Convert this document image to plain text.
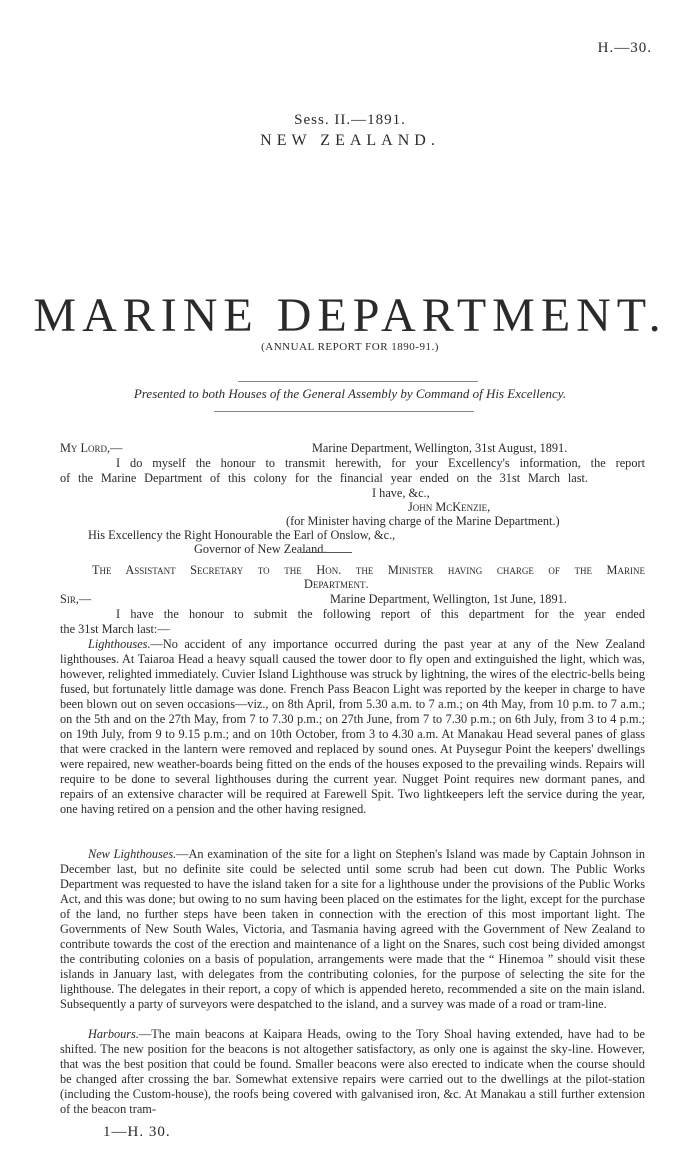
H.—30.
Sess. II.—1891.
NEW ZEALAND.
MARINE DEPARTMENT.
(ANNUAL REPORT FOR 1890-91.)
Presented to both Houses of the General Assembly by Command of His Excellency.
My Lord,—	Marine Department, Wellington, 31st August, 1891.
I do myself the honour to transmit herewith, for your Excellency's information, the report
of the Marine Department of this colony for the financial year ended on the 31st March last.
I have, &c.,
John McKenzie,
(for Minister having charge of the Marine Department.)
His Excellency the Right Honourable the Earl of Onslow, &c.,
Governor of New Zealand.
The Assistant Secretary to the Hon. the Minister having charge of the Marine
Department.
Sir,—	Marine Department, Wellington, 1st June, 1891.
I have the honour to submit the following report of this department for the year ended
the 31st March last:—
Lighthouses.—No accident of any importance occurred during the past year at any of the New Zealand lighthouses. At Taiaroa Head a heavy squall caused the tower door to fly open and extinguished the light, which was, however, relighted immediately. Cuvier Island Lighthouse was struck by lightning, the wires of the electric-bells being fused, but fortunately little damage was done. French Pass Beacon Light was reported by the keeper in charge to have been blown out on seven occasions—viz., on 8th April, from 5.30 a.m. to 7 a.m.; on 4th May, from 10 p.m. to 7 a.m.; on the 5th and on the 27th May, from 7 to 7.30 p.m.; on 27th June, from 7 to 7.30 p.m.; on 6th July, from 3 to 4 p.m.; on 19th July, from 9 to 9.15 p.m.; and on 10th October, from 3 to 4.30 a.m. At Manakau Head several panes of glass that were cracked in the lantern were removed and replaced by sound ones. At Puysegur Point the keepers' dwellings were repaired, new weather-boards being fitted on the ends of the houses exposed to the prevailing winds. Repairs will require to be done to several lighthouses during the current year. Nugget Point requires new dormant panes, and repairs of an extensive character will be required at Farewell Spit. Two lightkeepers left the service during the year, one having retired on a pension and the other having resigned.
New Lighthouses.—An examination of the site for a light on Stephen's Island was made by Captain Johnson in December last, but no definite site could be selected until some scrub had been cut down. The Public Works Department was requested to have the island taken for a site for a lighthouse under the provisions of the Public Works Act, and this was done; but owing to no sum having been placed on the estimates for the light, except for the purchase of the land, no further steps have been taken in connection with the erection of this most important light. The Governments of New South Wales, Victoria, and Tasmania having agreed with the Government of New Zealand to contribute towards the cost of the erection and maintenance of a light on the Snares, such cost being divided amongst the contributing colonies on a basis of population, arrangements were made that the “ Hinemoa ” should visit these islands in January last, with delegates from the contributing colonies, for the purpose of selecting the site for the lighthouse. The delegates in their report, a copy of which is appended hereto, recommended a site on the main island. Subsequently a party of surveyors were despatched to the island, and a survey was made of a road or tram-line.
Harbours.—The main beacons at Kaipara Heads, owing to the Tory Shoal having extended, have had to be shifted. The new position for the beacons is not altogether satisfactory, as only one is against the sky-line. However, that was the best position that could be found. Smaller beacons were also erected to indicate when the course should be changed after crossing the bar. Somewhat extensive repairs were carried out to the dwellings at the pilot-station (including the Custom-house), the roofs being covered with galvanised iron, &c. At Manakau a still further extension of the beacon tram-
1—H. 30.
